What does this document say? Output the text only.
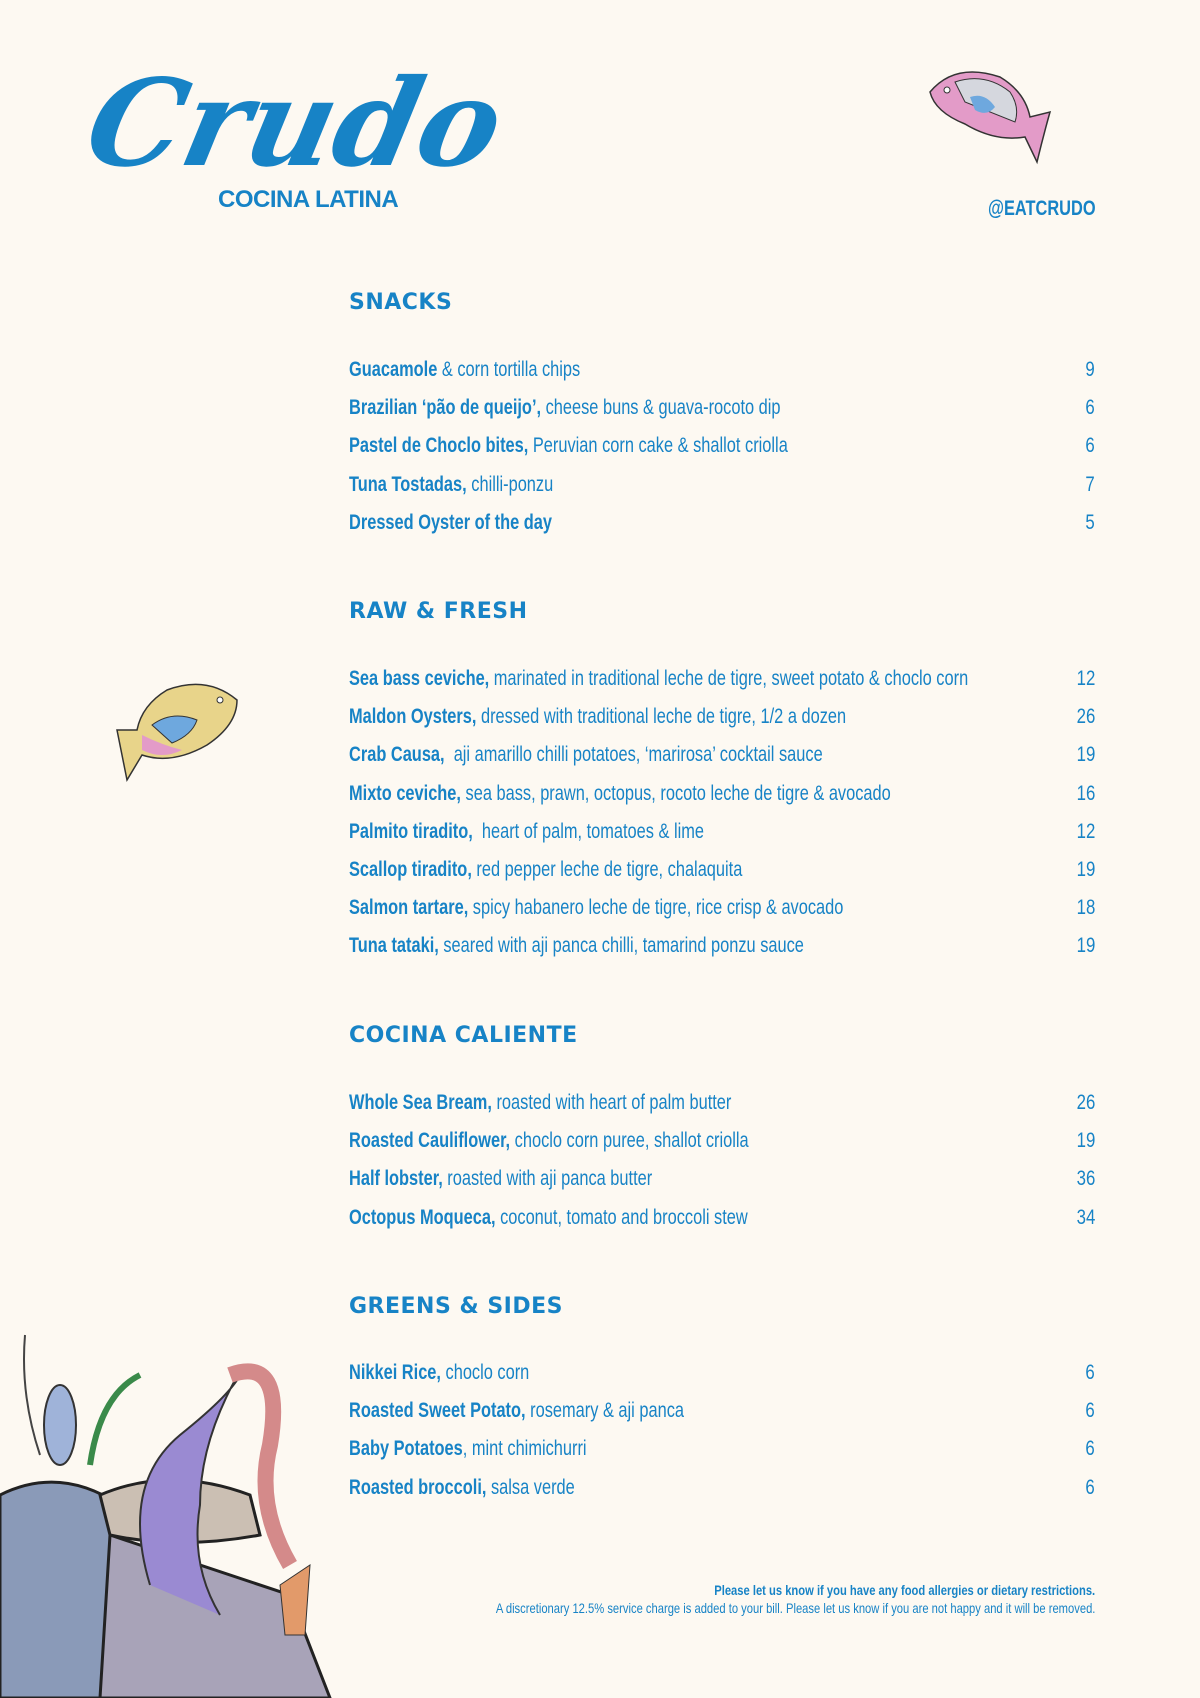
Crudo
COCINA LATINA	@EATCRUDO
SNACKS
Guacamole & corn tortilla chips	9
Brazilian ‘pão de queijo’, cheese buns & guava-rocoto dip	6
Pastel de Choclo bites, Peruvian corn cake & shallot criolla	6
Tuna Tostadas, chilli-ponzu	7
Dressed Oyster of the day	5
RAW & FRESH
Sea bass ceviche, marinated in traditional leche de tigre, sweet potato & choclo corn	12
Maldon Oysters, dressed with traditional leche de tigre, 1/2 a dozen	26
Crab Causa,  aji amarillo chilli potatoes, ‘marirosa’ cocktail sauce	19
Mixto ceviche, sea bass, prawn, octopus, rocoto leche de tigre & avocado	16
Palmito tiradito,  heart of palm, tomatoes & lime	12
Scallop tiradito, red pepper leche de tigre, chalaquita	19
Salmon tartare, spicy habanero leche de tigre, rice crisp & avocado	18
Tuna tataki, seared with aji panca chilli, tamarind ponzu sauce	19
COCINA CALIENTE
Whole Sea Bream, roasted with heart of palm butter	26
Roasted Cauliflower, choclo corn puree, shallot criolla	19
Half lobster, roasted with aji panca butter	36
Octopus Moqueca, coconut, tomato and broccoli stew	34
GREENS & SIDES
Nikkei Rice, choclo corn	6
Roasted Sweet Potato, rosemary & aji panca	6
Baby Potatoes, mint chimichurri	6
Roasted broccoli, salsa verde	6
Please let us know if you have any food allergies or dietary restrictions.
A discretionary 12.5% service charge is added to your bill. Please let us know if you are not happy and it will be removed.
